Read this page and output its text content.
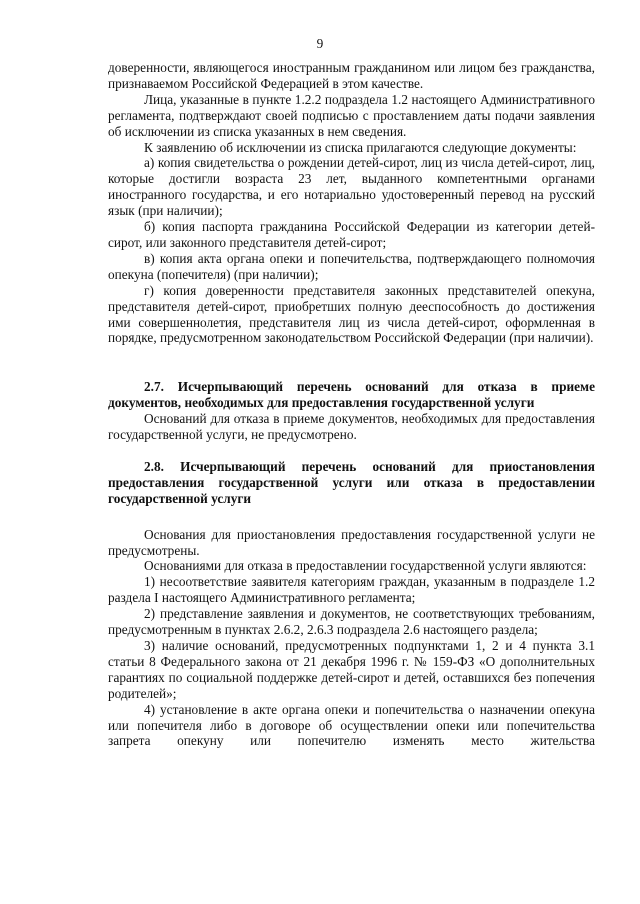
9

доверенности, являющегося иностранным гражданином или лицом без гражданства, признаваемом Российской Федерацией в этом качестве.

Лица, указанные в пункте 1.2.2 подраздела 1.2 настоящего Административного регламента, подтверждают своей подписью с проставлением даты подачи заявления об исключении из списка указанных в нем сведения.

К заявлению об исключении из списка прилагаются следующие документы:

а) копия свидетельства о рождении детей-сирот, лиц из числа детей-сирот, лиц, которые достигли возраста 23 лет, выданного компетентными органами иностранного государства, и его нотариально удостоверенный перевод на русский язык (при наличии);

б) копия паспорта гражданина Российской Федерации из категории детей-сирот, или законного представителя детей-сирот;

в) копия акта органа опеки и попечительства, подтверждающего полномочия опекуна (попечителя) (при наличии);

г) копия доверенности представителя законных представителей опекуна, представителя детей-сирот, приобретших полную дееспособность до достижения ими совершеннолетия, представителя лиц из числа детей-сирот, оформленная в порядке, предусмотренном законодательством Российской Федерации (при наличии).

2.7. Исчерпывающий перечень оснований для отказа в приеме документов, необходимых для предоставления государственной услуги

Оснований для отказа в приеме документов, необходимых для предоставления государственной услуги, не предусмотрено.

2.8. Исчерпывающий перечень оснований для приостановления предоставления государственной услуги или отказа в предоставлении государственной услуги

Основания для приостановления предоставления государственной услуги не предусмотрены.

Основаниями для отказа в предоставлении государственной услуги являются:

1) несоответствие заявителя категориям граждан, указанным в подразделе 1.2 раздела I настоящего Административного регламента;

2) представление заявления и документов, не соответствующих требованиям, предусмотренным в пунктах 2.6.2, 2.6.3 подраздела 2.6 настоящего раздела;

3) наличие оснований, предусмотренных подпунктами 1, 2 и 4 пункта 3.1 статьи 8 Федерального закона от 21 декабря 1996 г. № 159-ФЗ «О дополнительных гарантиях по социальной поддержке детей-сирот и детей, оставшихся без попечения родителей»;

4) установление в акте органа опеки и попечительства о назначении опекуна или попечителя либо в договоре об осуществлении опеки или попечительства запрета опекуну или попечителю изменять место жительства
